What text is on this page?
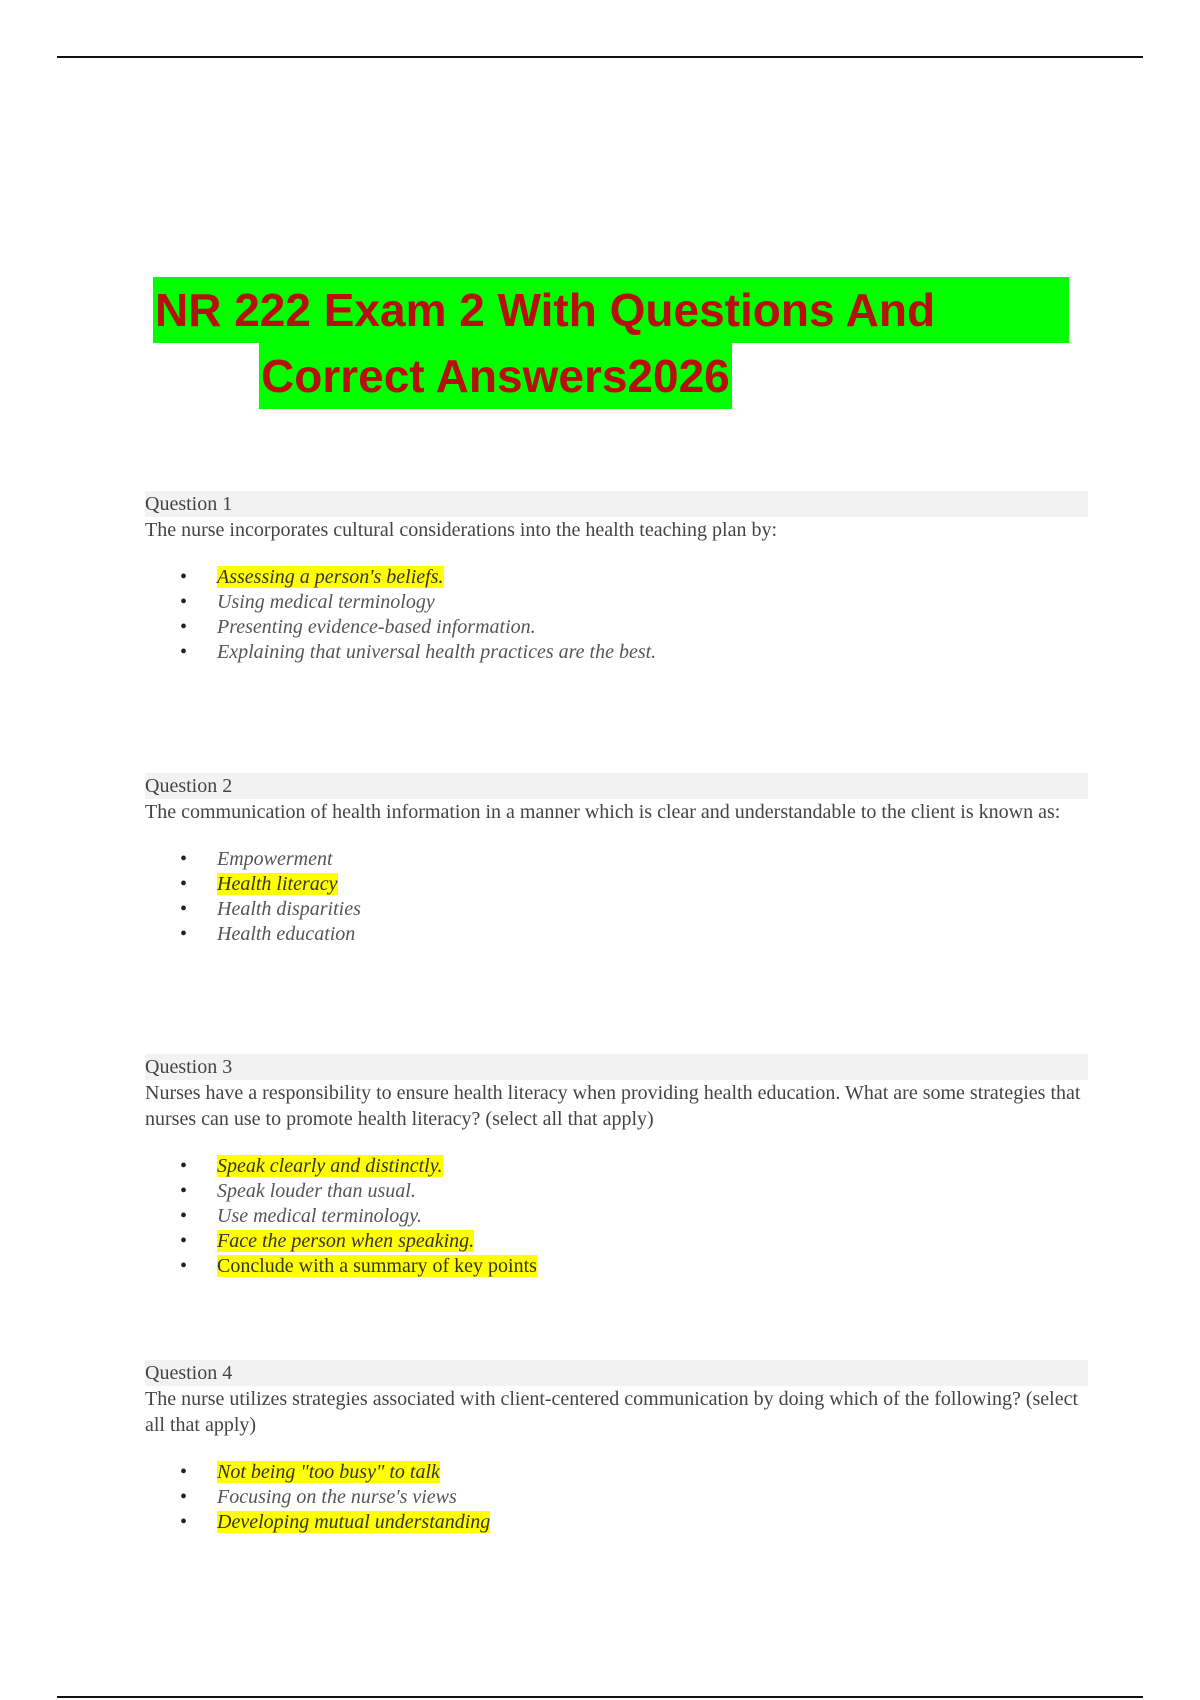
NR 222 Exam 2 With Questions And
Correct Answers2026
Question 1
The nurse incorporates cultural considerations into the health teaching plan by:
• Assessing a person's beliefs.
• Using medical terminology
• Presenting evidence-based information.
• Explaining that universal health practices are the best.
Question 2
The communication of health information in a manner which is clear and understandable to the client is known as:
• Empowerment
• Health literacy
• Health disparities
• Health education
Question 3
Nurses have a responsibility to ensure health literacy when providing health education. What are some strategies that nurses can use to promote health literacy? (select all that apply)
• Speak clearly and distinctly.
• Speak louder than usual.
• Use medical terminology.
• Face the person when speaking.
• Conclude with a summary of key points
Question 4
The nurse utilizes strategies associated with client-centered communication by doing which of the following? (select all that apply)
• Not being "too busy" to talk
• Focusing on the nurse's views
• Developing mutual understanding
